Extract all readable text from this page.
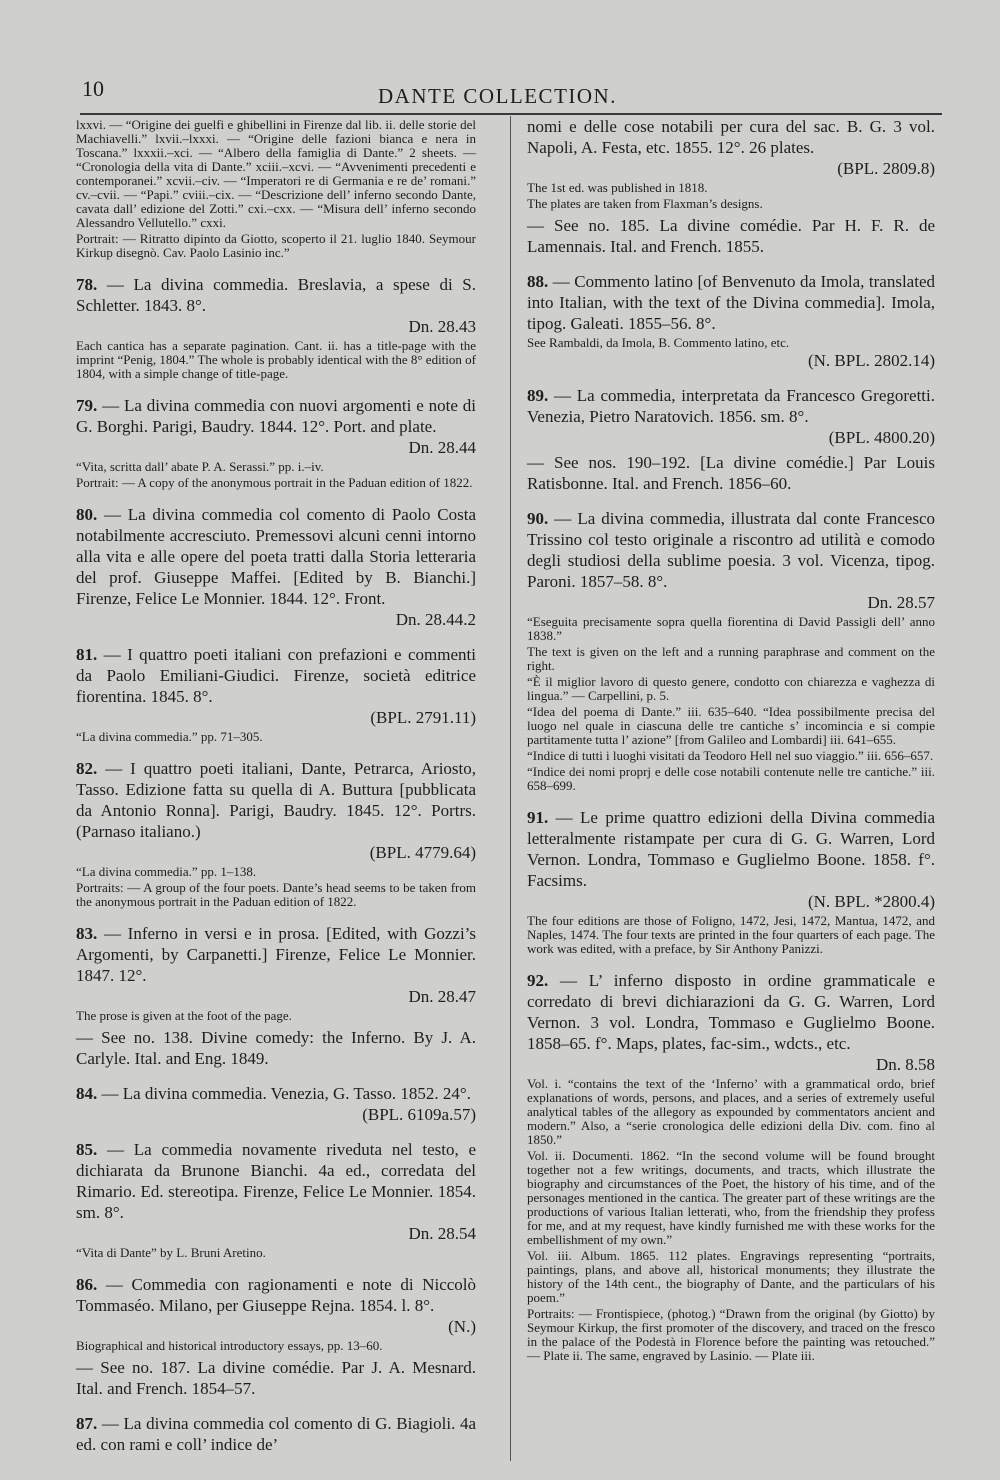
10	DANTE COLLECTION.

lxxvi. — “Origine dei guelfi e ghibellini in Firenze dal lib. ii. delle storie del Machiavelli.” lxvii.–lxxxi. — “Origine delle fazioni bianca e nera in Toscana.” lxxxii.–xci. — “Albero della famiglia di Dante.” 2 sheets. — “Cronologia della vita di Dante.” xciii.–xcvi. — “Avvenimenti precedenti e contemporanei.” xcvii.–civ. — “Imperatori re di Germania e re de’ romani.” cv.–cvii. — “Papi.” cviii.–cix. — “Descrizione dell’ inferno secondo Dante, cavata dall’ edizione del Zotti.” cxi.–cxx. — “Misura dell’ inferno secondo Alessandro Vellutello.” cxxi.

Portrait: — Ritratto dipinto da Giotto, scoperto il 21. luglio 1840. Seymour Kirkup disegnò. Cav. Paolo Lasinio inc.”

78. — La divina commedia. Breslavia, a spese di S. Schletter. 1843. 8°.

Dn. 28.43

Each cantica has a separate pagination. Cant. ii. has a title-page with the imprint “Penig, 1804.” The whole is probably identical with the 8° edition of 1804, with a simple change of title-page.

79. — La divina commedia con nuovi argomenti e note di G. Borghi. Parigi, Baudry. 1844. 12°. Port. and plate.

Dn. 28.44

“Vita, scritta dall’ abate P. A. Serassi.” pp. i.–iv.

Portrait: — A copy of the anonymous portrait in the Paduan edition of 1822.

80. — La divina commedia col comento di Paolo Costa notabilmente accresciuto. Premessovi alcuni cenni intorno alla vita e alle opere del poeta tratti dalla Storia letteraria del prof. Giuseppe Maffei. [Edited by B. Bianchi.] Firenze, Felice Le Monnier. 1844. 12°. Front.

Dn. 28.44.2

81. — I quattro poeti italiani con prefazioni e commenti da Paolo Emiliani-Giudici. Firenze, società editrice fiorentina. 1845. 8°.

(BPL. 2791.11)

“La divina commedia.” pp. 71–305.

82. — I quattro poeti italiani, Dante, Petrarca, Ariosto, Tasso. Edizione fatta su quella di A. Buttura [pubblicata da Antonio Ronna]. Parigi, Baudry. 1845. 12°. Portrs. (Parnaso italiano.)

(BPL. 4779.64)

“La divina commedia.” pp. 1–138.

Portraits: — A group of the four poets. Dante’s head seems to be taken from the anonymous portrait in the Paduan edition of 1822.

83. — Inferno in versi e in prosa. [Edited, with Gozzi’s Argomenti, by Carpanetti.] Firenze, Felice Le Monnier. 1847. 12°.

Dn. 28.47

The prose is given at the foot of the page.

— See no. 138. Divine comedy: the Inferno. By J. A. Carlyle. Ital. and Eng. 1849.

84. — La divina commedia. Venezia, G. Tasso. 1852. 24°.

(BPL. 6109a.57)

85. — La commedia novamente riveduta nel testo, e dichiarata da Brunone Bianchi. 4a ed., corredata del Rimario. Ed. stereotipa. Firenze, Felice Le Monnier. 1854. sm. 8°.

Dn. 28.54

“Vita di Dante” by L. Bruni Aretino.

86. — Commedia con ragionamenti e note di Niccolò Tommaséo. Milano, per Giuseppe Rejna. 1854. l. 8°.

(N.)

Biographical and historical introductory essays, pp. 13–60.

— See no. 187. La divine comédie. Par J. A. Mesnard. Ital. and French. 1854–57.

87. — La divina commedia col comento di G. Biagioli. 4a ed. con rami e coll’ indice de’

nomi e delle cose notabili per cura del sac. B. G. 3 vol. Napoli, A. Festa, etc. 1855. 12°. 26 plates.

(BPL. 2809.8)

The 1st ed. was published in 1818.

The plates are taken from Flaxman’s designs.

— See no. 185. La divine comédie. Par H. F. R. de Lamennais. Ital. and French. 1855.

88. — Commento latino [of Benvenuto da Imola, translated into Italian, with the text of the Divina commedia]. Imola, tipog. Galeati. 1855–56. 8°.

See Rambaldi, da Imola, B. Commento latino, etc.

(N. BPL. 2802.14)

89. — La commedia, interpretata da Francesco Gregoretti. Venezia, Pietro Naratovich. 1856. sm. 8°.

(BPL. 4800.20)

— See nos. 190–192. [La divine comédie.] Par Louis Ratisbonne. Ital. and French. 1856–60.

90. — La divina commedia, illustrata dal conte Francesco Trissino col testo originale a riscontro ad utilità e comodo degli studiosi della sublime poesia. 3 vol. Vicenza, tipog. Paroni. 1857–58. 8°.

Dn. 28.57

“Eseguita precisamente sopra quella fiorentina di David Passigli dell’ anno 1838.”

The text is given on the left and a running paraphrase and comment on the right.

“È il miglior lavoro di questo genere, condotto con chiarezza e vaghezza di lingua.” — Carpellini, p. 5.

“Idea del poema di Dante.” iii. 635–640. “Idea possibilmente precisa del luogo nel quale in ciascuna delle tre cantiche s’ incomincia e si compie partitamente tutta l’ azione” [from Galileo and Lombardi] iii. 641–655.

“Indice di tutti i luoghi visitati da Teodoro Hell nel suo viaggio.” iii. 656–657.

“Indice dei nomi proprj e delle cose notabili contenute nelle tre cantiche.” iii. 658–699.

91. — Le prime quattro edizioni della Divina commedia letteralmente ristampate per cura di G. G. Warren, Lord Vernon. Londra, Tommaso e Guglielmo Boone. 1858. f°. Facsims.

(N. BPL. *2800.4)

The four editions are those of Foligno, 1472, Jesi, 1472, Mantua, 1472, and Naples, 1474. The four texts are printed in the four quarters of each page. The work was edited, with a preface, by Sir Anthony Panizzi.

92. — L’ inferno disposto in ordine grammaticale e corredato di brevi dichiarazioni da G. G. Warren, Lord Vernon. 3 vol. Londra, Tommaso e Guglielmo Boone. 1858–65. f°. Maps, plates, fac-sim., wdcts., etc.

Dn. 8.58

Vol. i. “contains the text of the ‘Inferno’ with a grammatical ordo, brief explanations of words, persons, and places, and a series of extremely useful analytical tables of the allegory as expounded by commentators ancient and modern.” Also, a “serie cronologica delle edizioni della Div. com. fino al 1850.”

Vol. ii. Documenti. 1862. “In the second volume will be found brought together not a few writings, documents, and tracts, which illustrate the biography and circumstances of the Poet, the history of his time, and of the personages mentioned in the cantica. The greater part of these writings are the productions of various Italian letterati, who, from the friendship they profess for me, and at my request, have kindly furnished me with these works for the embellishment of my own.”

Vol. iii. Album. 1865. 112 plates. Engravings representing “portraits, paintings, plans, and above all, historical monuments; they illustrate the history of the 14th cent., the biography of Dante, and the particulars of his poem.”

Portraits: — Frontispiece, (photog.) “Drawn from the original (by Giotto) by Seymour Kirkup, the first promoter of the discovery, and traced on the fresco in the palace of the Podestà in Florence before the painting was retouched.” — Plate ii. The same, engraved by Lasinio. — Plate iii.
